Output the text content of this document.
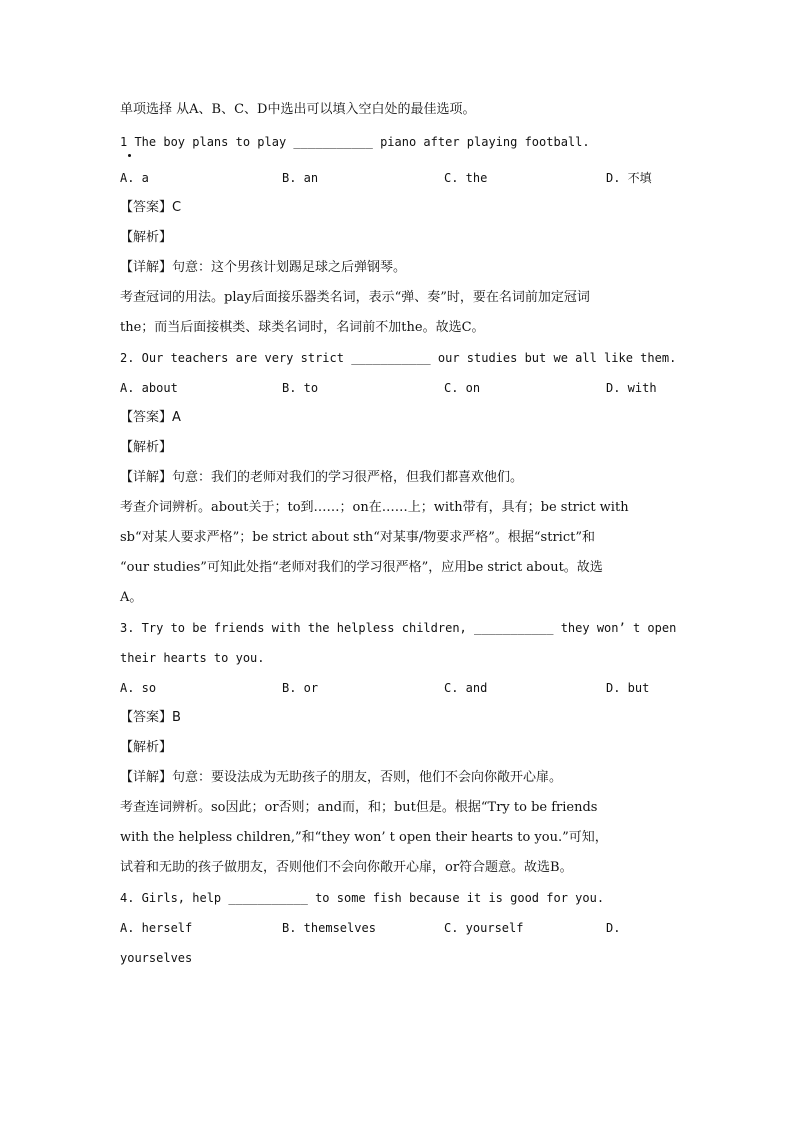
单项选择 从A、B、C、D中选出可以填入空白处的最佳选项。
1 The boy plans to play ___________ piano after playing football.
A. a	B. an	C. the	D. 不填
【答案】C
【解析】
【详解】句意：这个男孩计划踢足球之后弹钢琴。
考查冠词的用法。play后面接乐器类名词，表示“弹、奏”时，要在名词前加定冠词
the；而当后面接棋类、球类名词时，名词前不加the。故选C。
2. Our teachers are very strict ___________ our studies but we all like them.
A. about	B. to	C. on	D. with
【答案】A
【解析】
【详解】句意：我们的老师对我们的学习很严格，但我们都喜欢他们。
考查介词辨析。about关于；to到……；on在……上；with带有，具有；be strict with
sb“对某人要求严格”；be strict about sth“对某事/物要求严格”。根据“strict”和
“our studies”可知此处指“老师对我们的学习很严格”，应用be strict about。故选
A。
3. Try to be friends with the helpless children, ___________ they won’ t open
their hearts to you.
A. so	B. or	C. and	D. but
【答案】B
【解析】
【详解】句意：要设法成为无助孩子的朋友，否则，他们不会向你敞开心扉。
考查连词辨析。so因此；or否则；and而，和；but但是。根据“Try to be friends
with the helpless children,”和“they won’ t open their hearts to you.”可知，
试着和无助的孩子做朋友，否则他们不会向你敞开心扉，or符合题意。故选B。
4. Girls, help ___________ to some fish because it is good for you.
A. herself	B. themselves	C. yourself	D.
yourselves
